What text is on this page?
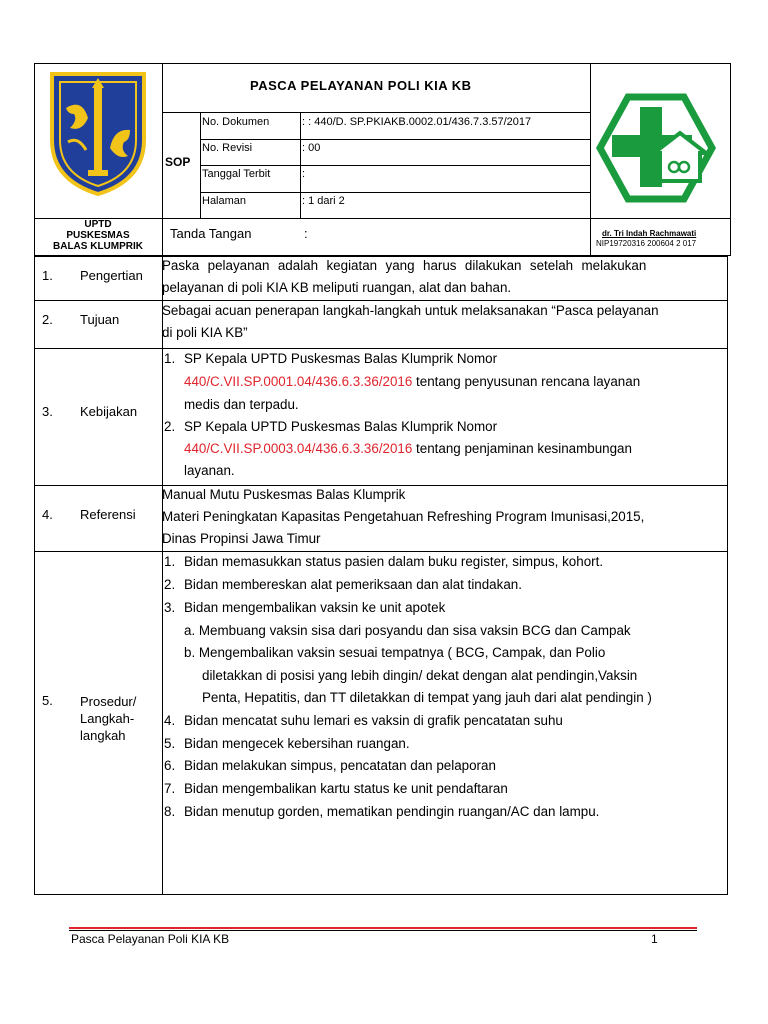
PASCA PELAYANAN POLI KIA KB
SOP
No. Dokumen	: : 440/D. SP.PKIAKB.0002.01/436.7.3.57/2017
No. Revisi	: 00
Tanggal Terbit	:
Halaman	: 1 dari 2
UPTD
PUSKESMAS
BALAS KLUMPRIK
Tanda Tangan	:	dr. Tri Indah Rachmawati
NIP19720316 200604 2 017
1. Pengertian
Paska pelayanan adalah kegiatan yang harus dilakukan setelah melakukan
pelayanan di poli KIA KB meliputi ruangan, alat dan bahan.
2. Tujuan
Sebagai acuan penerapan langkah-langkah untuk melaksanakan “Pasca pelayanan
di poli KIA KB”
3. Kebijakan
1. SP Kepala UPTD Puskesmas Balas Klumprik Nomor
440/C.VII.SP.0001.04/436.6.3.36/2016 tentang penyusunan rencana layanan
medis dan terpadu.
2. SP Kepala UPTD Puskesmas Balas Klumprik Nomor
440/C.VII.SP.0003.04/436.6.3.36/2016 tentang penjaminan kesinambungan
layanan.
4. Referensi
Manual Mutu Puskesmas Balas Klumprik
Materi Peningkatan Kapasitas Pengetahuan Refreshing Program Imunisasi,2015,
Dinas Propinsi Jawa Timur
5. Prosedur/
Langkah-
langkah
1. Bidan memasukkan status pasien dalam buku register, simpus, kohort.
2. Bidan membereskan alat pemeriksaan dan alat tindakan.
3. Bidan mengembalikan vaksin ke unit apotek
a. Membuang vaksin sisa dari posyandu dan sisa vaksin BCG dan Campak
b. Mengembalikan vaksin sesuai tempatnya ( BCG, Campak, dan Polio
diletakkan di posisi yang lebih dingin/ dekat dengan alat pendingin,Vaksin
Penta, Hepatitis, dan TT diletakkan di tempat yang jauh dari alat pendingin )
4. Bidan mencatat suhu lemari es vaksin di grafik pencatatan suhu
5. Bidan mengecek kebersihan ruangan.
6. Bidan melakukan simpus, pencatatan dan pelaporan
7. Bidan mengembalikan kartu status ke unit pendaftaran
8. Bidan menutup gorden, mematikan pendingin ruangan/AC dan lampu.
Pasca Pelayanan Poli KIA KB	1
